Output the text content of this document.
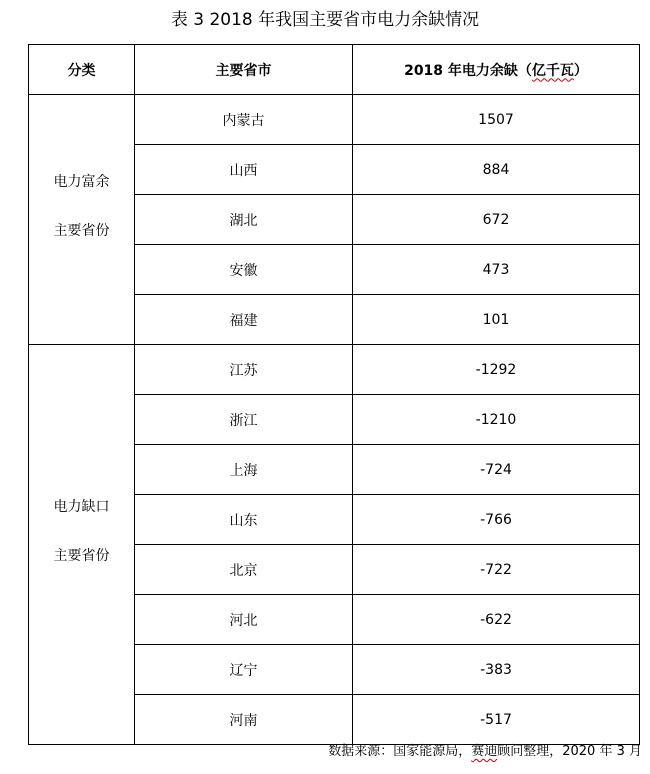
表 3 2018 年我国主要省市电力余缺情况
分类	主要省市	2018 年电力余缺（亿千瓦）

电力富余
主要省份	内蒙古	1507
	山西	884
	湖北	672
	安徽	473
	福建	101

电力缺口
主要省份	江苏	-1292
	浙江	-1210
	上海	-724
	山东	-766
	北京	-722
	河北	-622
	辽宁	-383
	河南	-517
数据来源：国家能源局，赛迪顾问整理，2020 年 3 月
